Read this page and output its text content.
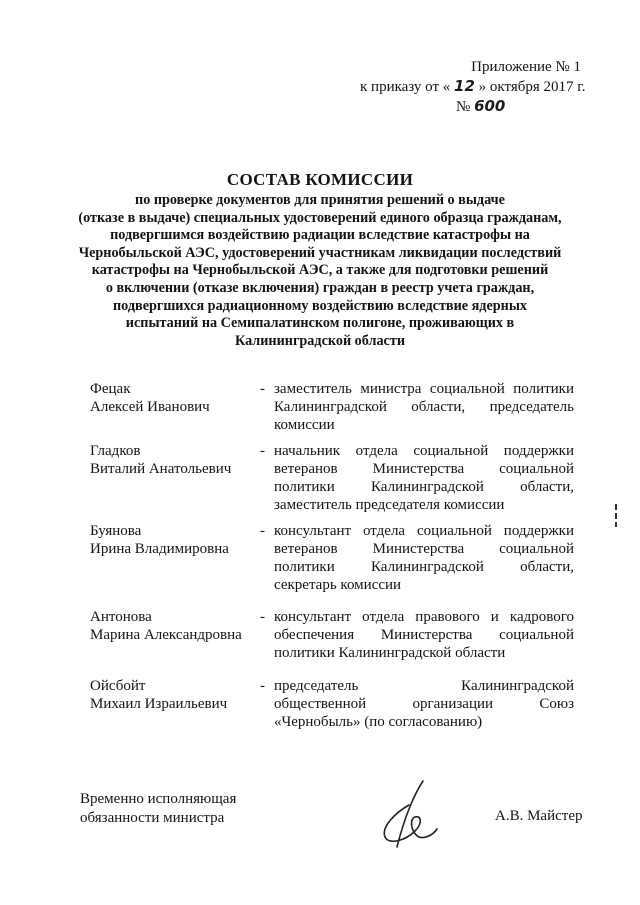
Приложение № 1
к приказу от « 12 » октября 2017 г.
№ 600
СОСТАВ КОМИССИИ
по проверке документов для принятия решений о выдаче
(отказе в выдаче) специальных удостоверений единого образца гражданам,
подвергшимся воздействию радиации вследствие катастрофы на
Чернобыльской АЭС, удостоверений участникам ликвидации последствий
катастрофы на Чернобыльской АЭС, а также для подготовки решений
о включении (отказе включения) граждан в реестр учета граждан,
подвергшихся радиационному воздействию вследствие ядерных
испытаний на Семипалатинском полигоне, проживающих в
Калининградской области
Фецак
Алексей Иванович
- заместитель министра социальной политики
Калининградской области, председатель
комиссии
Гладков
Виталий Анатольевич
- начальник отдела социальной поддержки
ветеранов Министерства социальной
политики Калининградской области,
заместитель председателя комиссии
Буянова
Ирина Владимировна
- консультант отдела социальной поддержки
ветеранов Министерства социальной
политики Калининградской области,
секретарь комиссии
Антонова
Марина Александровна
- консультант отдела правового и кадрового
обеспечения Министерства социальной
политики Калининградской области
Ойсбойт
Михаил Израильевич
- председатель Калининградской
общественной организации Союз
«Чернобыль» (по согласованию)
Временно исполняющая
обязанности министра	А.В. Майстер
